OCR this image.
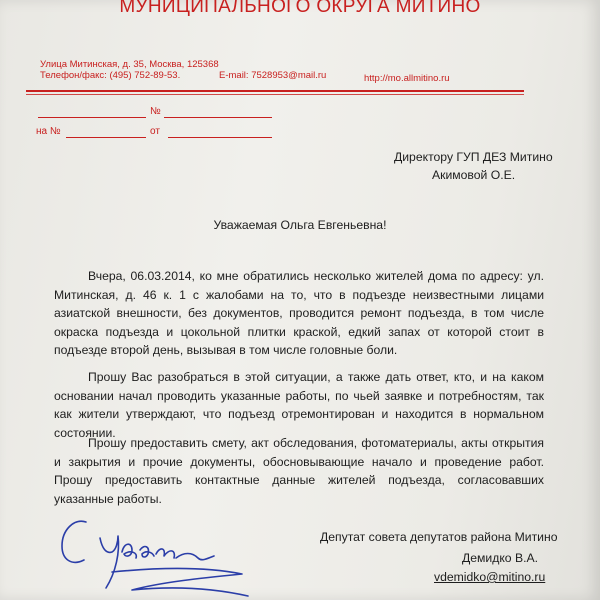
МУНИЦИПАЛЬНОГО ОКРУГА МИТИНО
Улица Митинская, д. 35, Москва, 125368
Телефон/факс: (495) 752-89-53.	E-mail: 7528953@mail.ru	http://mo.allmitino.ru
№
на №	от
Директору ГУП ДЕЗ Митино
Акимовой О.Е.
Уважаемая Ольга Евгеньевна!
Вчера, 06.03.2014, ко мне обратились несколько жителей дома по адресу: ул. Митинская, д. 46 к. 1 с жалобами на то, что в подъезде неизвестными лицами азиатской внешности, без документов, проводится ремонт подъезда, в том числе окраска подъезда и цокольной плитки краской, едкий запах от которой стоит в подъезде второй день, вызывая в том числе головные боли.
Прошу Вас разобраться в этой ситуации, а также дать ответ, кто, и на каком основании начал проводить указанные работы, по чьей заявке и потребностям, так как жители утверждают, что подъезд отремонтирован и находится в нормальном состоянии.
Прошу предоставить смету, акт обследования, фотоматериалы, акты открытия и закрытия и прочие документы, обосновывающие начало и проведение работ. Прошу предоставить контактные данные жителей подъезда, согласовавших указанные работы.
Депутат совета депутатов района Митино
Демидко В.А.
vdemidko@mitino.ru
